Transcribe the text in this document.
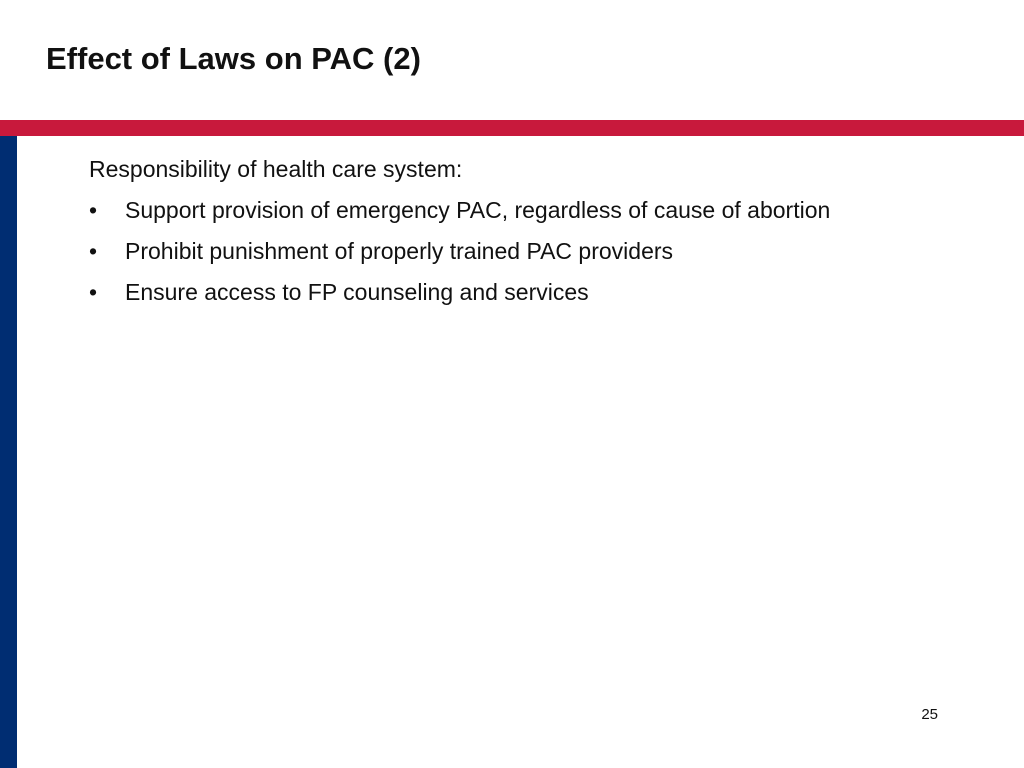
Effect of Laws on PAC (2)

Responsibility of health care system:

•	Support provision of emergency PAC, regardless of cause of abortion
•	Prohibit punishment of properly trained PAC providers
•	Ensure access to FP counseling and services
25
